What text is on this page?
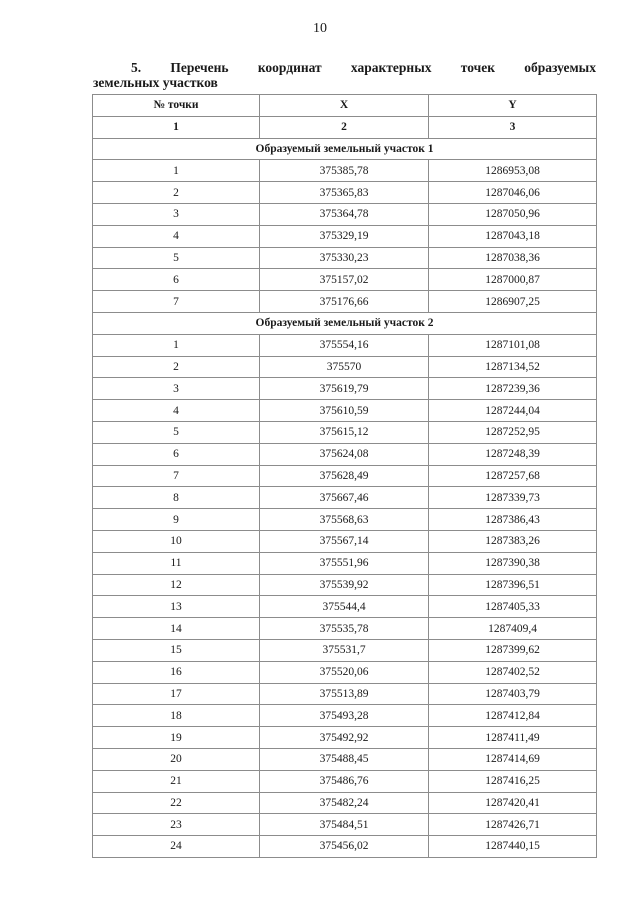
10
5. Перечень координат характерных точек образуемых
земельных участков
№ точки	X	Y
1	2	3
Образуемый земельный участок 1		
1	375385,78	1286953,08
2	375365,83	1287046,06
3	375364,78	1287050,96
4	375329,19	1287043,18
5	375330,23	1287038,36
6	375157,02	1287000,87
7	375176,66	1286907,25
Образуемый земельный участок 2		
1	375554,16	1287101,08
2	375570	1287134,52
3	375619,79	1287239,36
4	375610,59	1287244,04
5	375615,12	1287252,95
6	375624,08	1287248,39
7	375628,49	1287257,68
8	375667,46	1287339,73
9	375568,63	1287386,43
10	375567,14	1287383,26
11	375551,96	1287390,38
12	375539,92	1287396,51
13	375544,4	1287405,33
14	375535,78	1287409,4
15	375531,7	1287399,62
16	375520,06	1287402,52
17	375513,89	1287403,79
18	375493,28	1287412,84
19	375492,92	1287411,49
20	375488,45	1287414,69
21	375486,76	1287416,25
22	375482,24	1287420,41
23	375484,51	1287426,71
24	375456,02	1287440,15
